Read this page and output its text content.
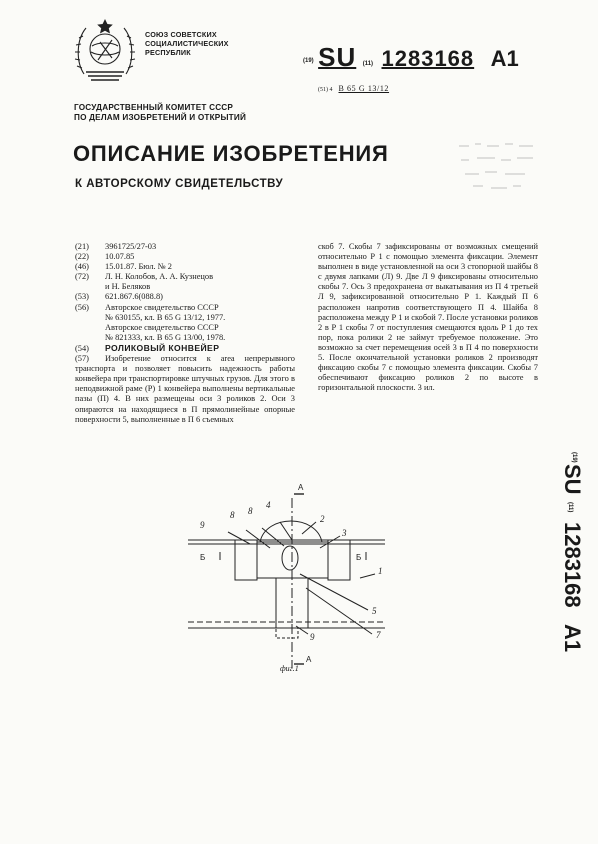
СОЮЗ СОВЕТСКИХ
СОЦИАЛИСТИЧЕСКИХ
РЕСПУБЛИК
(19) SU (11) 1283168 A1
(51) 4 B 65 G 13/12
ГОСУДАРСТВЕННЫЙ КОМИТЕТ СССР
ПО ДЕЛАМ ИЗОБРЕТЕНИЙ И ОТКРЫТИЙ
ОПИСАНИЕ ИЗОБРЕТЕНИЯ
К АВТОРСКОМУ СВИДЕТЕЛЬСТВУ

(21) 3961725/27-03

(22) 10.07.85

(46) 15.01.87. Бюл. № 2

(72) Л. Н. Колобов, А. А. Кузнецов

и Н. Беляков

(53) 621.867.6(088.8)

(56) Авторское свидетельство СССР

№ 630155, кл. B 65 G 13/12, 1977.

Авторское свидетельство СССР

№ 821333, кл. B 65 G 13/00, 1978.

(54) РОЛИКОВЫЙ КОНВЕЙЕР

(57) Изобретение относится к area непрерывного транспорта и позволяет повысить надежность работы конвейера при транспортировке штучных грузов. Для этого в неподвижной раме (Р) 1 конвейера выполнены вертикальные пазы (П) 4. В них размещены оси 3 роликов 2. Оси 3 опираются на находящиеся в П прямолинейные опорные поверхности 5, выполненные в П 6 съемных

скоб 7. Скобы 7 зафиксированы от возможных смещений относительно Р 1 с помощью элемента фиксации. Элемент выполнен в виде установленной на оси 3 стопорной шайбы 8 с двумя лапками (Л) 9. Две Л 9 фиксированы относительно скобы 7. Ось 3 предохранена от выкатывания из П 4 третьей Л 9, зафиксированной относительно Р 1. Каждый П 6 расположен напротив соответствующего П 4. Шайба 8 расположена между Р 1 и скобой 7. После установки роликов 2 в Р 1 скобы 7 от поступления смещаются вдоль Р 1 до тех пор, пока ролики 2 не займут требуемое положение. Это возможно за счет перемещения осей 3 в П 4 по поверхности 5. После окончательной установки роликов 2 производят фиксацию скобы 7 с помощью элемента фиксации. Скобы 7 обеспечивают фиксацию роликов 2 по высоте в горизонтальной плоскости. 3 ил.

(19)
SU
(11)
1283168
A1
9
8 8
4
2
3
1
5
7
9
A
Б	Б
A
фиг.1
